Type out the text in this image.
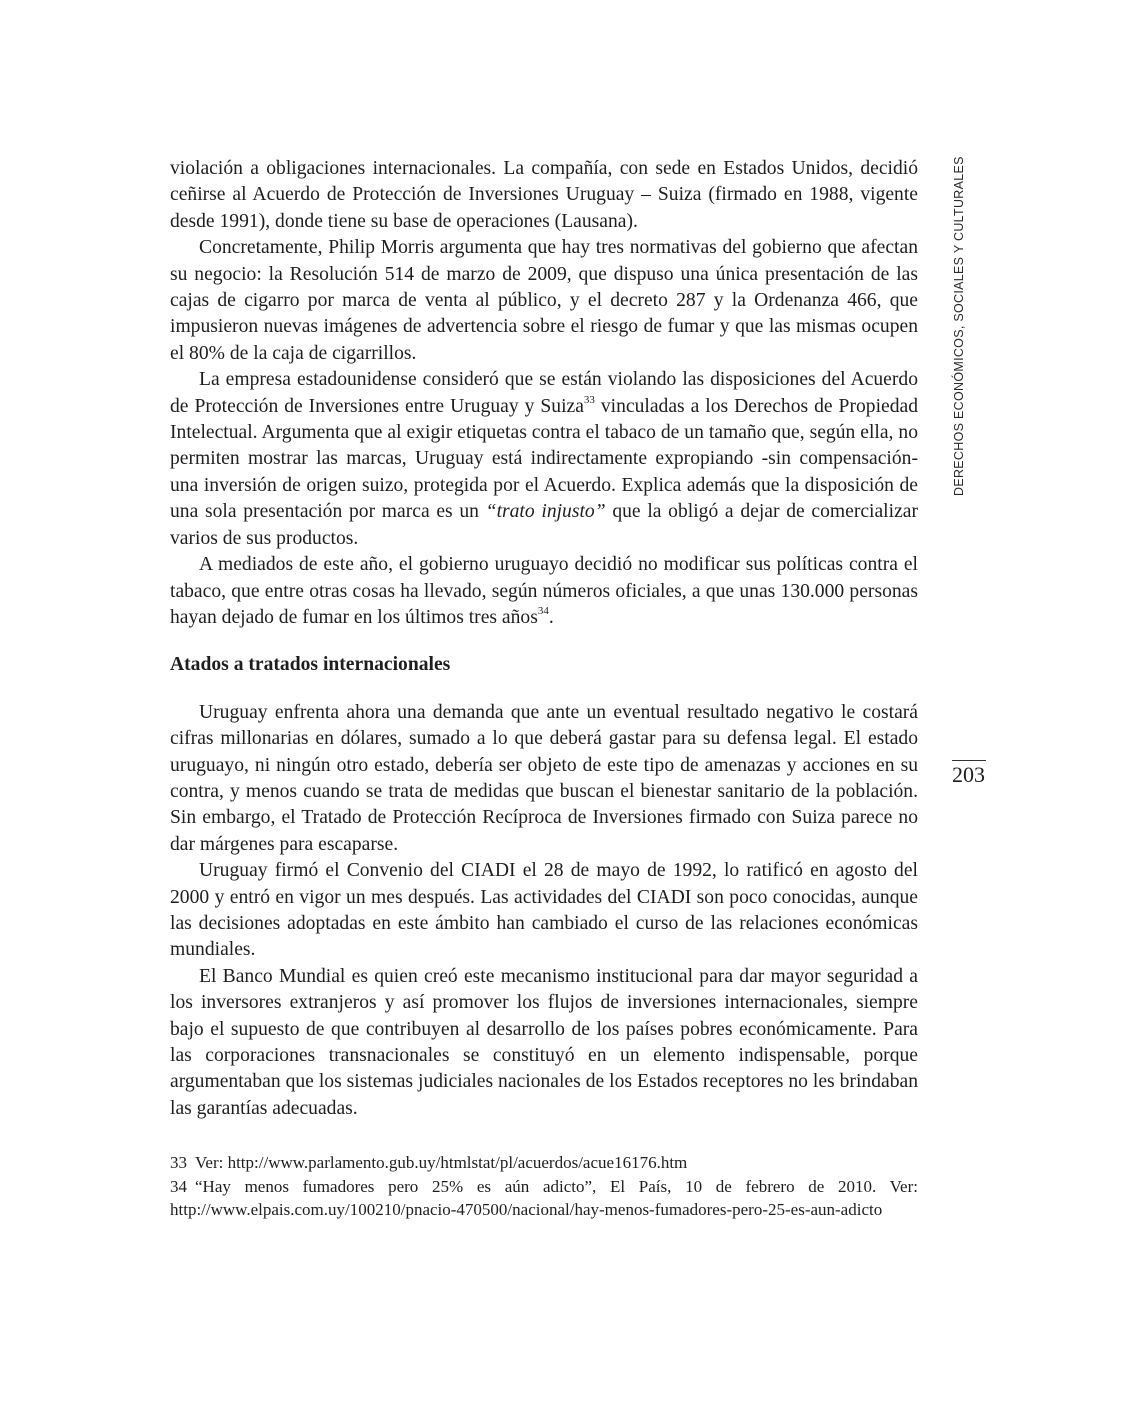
DERECHOS ECONÓMICOS, SOCIALES Y CULTURALES
203

violación a obligaciones internacionales. La compañía, con sede en Estados Unidos, decidió ceñirse al Acuerdo de Protección de Inversiones Uruguay – Suiza (firmado en 1988, vigente desde 1991), donde tiene su base de operaciones (Lausana).

Concretamente, Philip Morris argumenta que hay tres normativas del gobierno que afectan su negocio: la Resolución 514 de marzo de 2009, que dispuso una única presentación de las cajas de cigarro por marca de venta al público, y el decreto 287 y la Ordenanza 466, que impusieron nuevas imágenes de advertencia sobre el riesgo de fumar y que las mismas ocupen el 80% de la caja de cigarrillos.

La empresa estadounidense consideró que se están violando las disposiciones del Acuerdo de Protección de Inversiones entre Uruguay y Suiza$^{33}$ vinculadas a los Derechos de Propiedad Intelectual. Argumenta que al exigir etiquetas contra el tabaco de un tamaño que, según ella, no permiten mostrar las marcas, Uruguay está indirectamente expropiando -sin compensación- una inversión de origen suizo, protegida por el Acuerdo. Explica además que la disposición de una sola presentación por marca es un “trato injusto” que la obligó a dejar de comercializar varios de sus productos.

A mediados de este año, el gobierno uruguayo decidió no modificar sus políticas contra el tabaco, que entre otras cosas ha llevado, según números oficiales, a que unas 130.000 personas hayan dejado de fumar en los últimos tres años$^{34}$.

Atados a tratados internacionales

Uruguay enfrenta ahora una demanda que ante un eventual resultado negativo le costará cifras millonarias en dólares, sumado a lo que deberá gastar para su defensa legal. El estado uruguayo, ni ningún otro estado, debería ser objeto de este tipo de amenazas y acciones en su contra, y menos cuando se trata de medidas que buscan el bienestar sanitario de la población. Sin embargo, el Tratado de Protección Recíproca de Inversiones firmado con Suiza parece no dar márgenes para escaparse.

Uruguay firmó el Convenio del CIADI el 28 de mayo de 1992, lo ratificó en agosto del 2000 y entró en vigor un mes después. Las actividades del CIADI son poco conocidas, aunque las decisiones adoptadas en este ámbito han cambiado el curso de las relaciones económicas mundiales.

El Banco Mundial es quien creó este mecanismo institucional para dar mayor seguridad a los inversores extranjeros y así promover los flujos de inversiones internacionales, siempre bajo el supuesto de que contribuyen al desarrollo de los países pobres económicamente. Para las corporaciones transnacionales se constituyó en un elemento indispensable, porque argumentaban que los sistemas judiciales nacionales de los Estados receptores no les brindaban las garantías adecuadas.

33 Ver: http://www.parlamento.gub.uy/htmlstat/pl/acuerdos/acue16176.htm

34 “Hay menos fumadores pero 25% es aún adicto”, El País, 10 de febrero de 2010. Ver: http://www.elpais.com.uy/100210/pnacio-470500/nacional/hay-menos-fumadores-pero-25-es-aun-adicto
